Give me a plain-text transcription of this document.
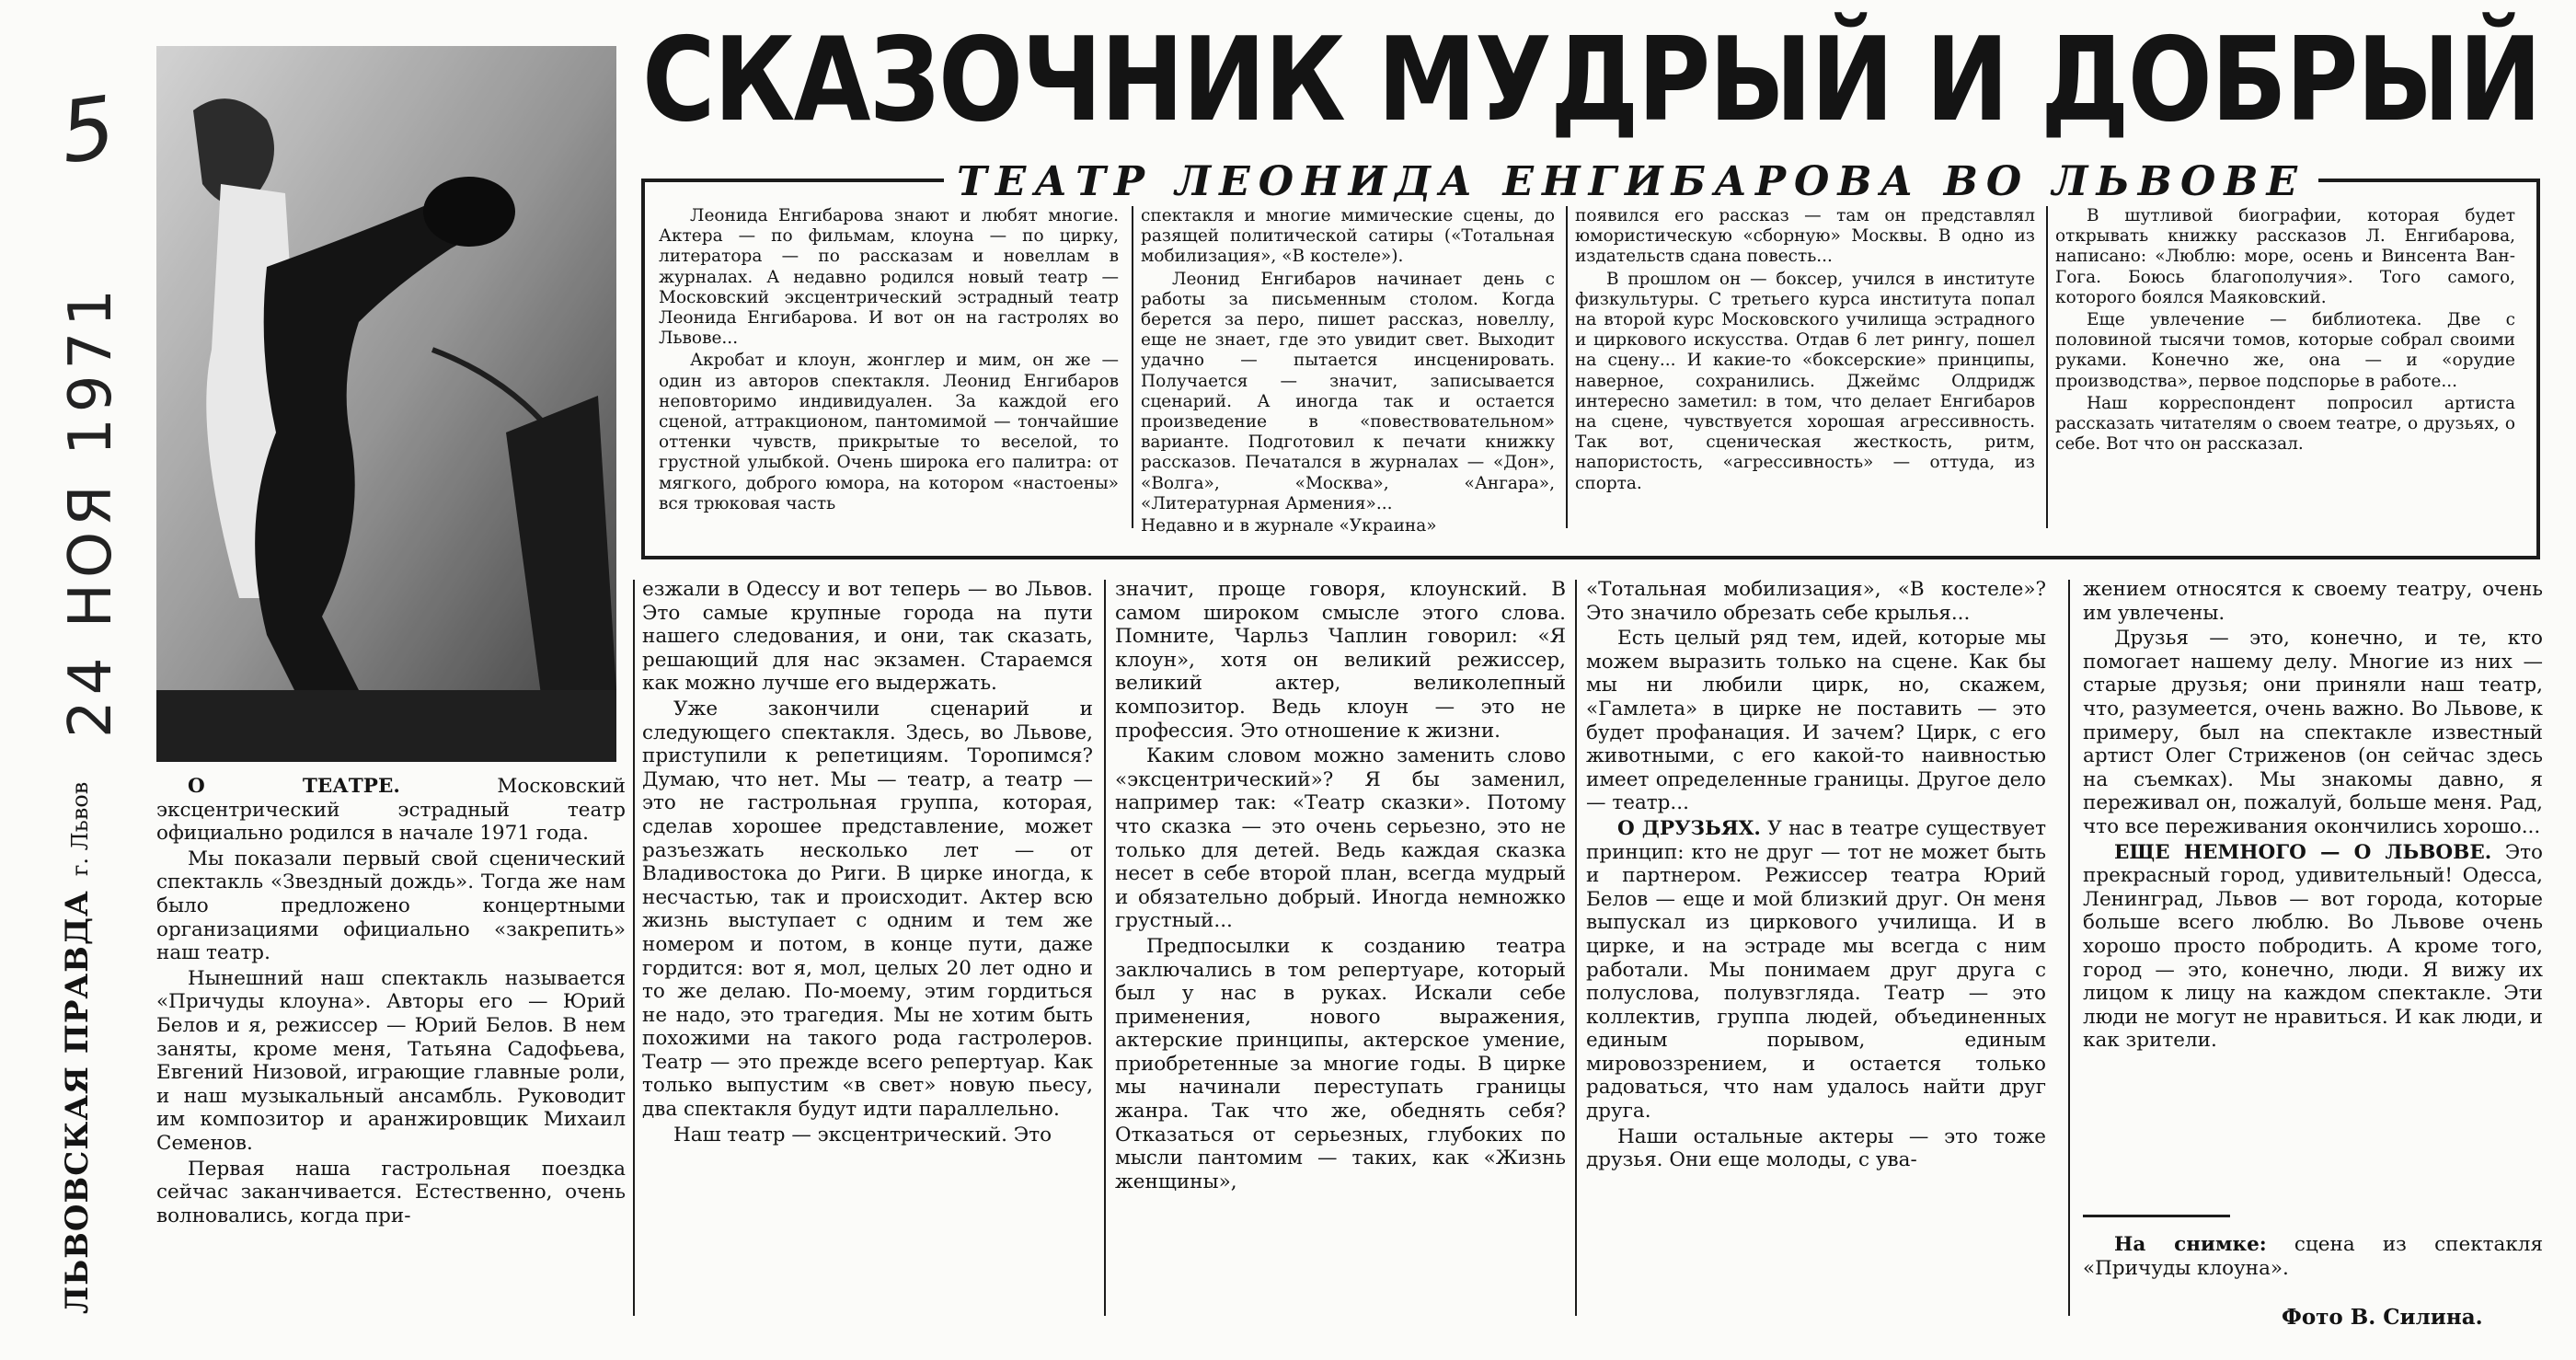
5
24 НОЯ 1971
ЛЬВОВСКАЯ ПРАВДА г. Львов
СКАЗОЧНИК МУДРЫЙ И ДОБРЫЙ
ТЕАТР ЛЕОНИДА ЕНГИБАРОВА ВО ЛЬВОВЕ

Леонида Енгибарова знают и любят многие. Актера — по фильмам, клоуна — по цирку, литератора — по рассказам и новеллам в журналах. А недавно родился новый театр — Московский эксцентрический эстрадный театр Леонида Енгибарова. И вот он на гастролях во Львове...

Акробат и клоун, жонглер и мим, он же — один из авторов спектакля. Леонид Енгибаров неповторимо индивидуален. За каждой его сценой, аттракционом, пантомимой — тончайшие оттенки чувств, прикрытые то веселой, то грустной улыбкой. Очень широка его палитра: от мягкого, доброго юмора, на котором «настоены» вся трюковая часть

спектакля и многие мимические сцены, до разящей политической сатиры («Тотальная мобилизация», «В костеле»).

Леонид Енгибаров начинает день с работы за письменным столом. Когда берется за перо, пишет рассказ, новеллу, еще не знает, где это увидит свет. Выходит удачно — пытается инсценировать. Получается — значит, записывается сценарий. А иногда так и остается произведение в «повествовательном» варианте. Подготовил к печати книжку рассказов. Печатался в журналах — «Дон», «Волга», «Москва», «Ангара», «Литературная Армения»...

Недавно и в журнале «Украина»

появился его рассказ — там он представлял юмористическую «сборную» Москвы. В одно из издательств сдана повесть...

В прошлом он — боксер, учился в институте физкультуры. С третьего курса института попал на второй курс Московского училища эстрадного и циркового искусства. Отдав 6 лет рингу, пошел на сцену... И какие-то «боксерские» принципы, наверное, сохранились. Джеймс Олдридж интересно заметил: в том, что делает Енгибаров на сцене, чувствуется хорошая агрессивность. Так вот, сценическая жесткость, ритм, напористость, «агрессивность» — оттуда, из спорта.

В шутливой биографии, которая будет открывать книжку рассказов Л. Енгибарова, написано: «Люблю: море, осень и Винсента Ван-Гога. Боюсь благополучия». Того самого, которого боялся Маяковский.

Еще увлечение — библиотека. Две с половиной тысячи томов, которые собрал своими руками. Конечно же, она — и «орудие производства», первое подспорье в работе...

Наш корреспондент попросил артиста рассказать читателям о своем театре, о друзьях, о себе. Вот что он рассказал.

О ТЕАТРЕ. Московский эксцентрический эстрадный театр официально родился в начале 1971 года.

Мы показали первый свой сценический спектакль «Звездный дождь». Тогда же нам было предложено концертными организациями официально «закрепить» наш театр.

Нынешний наш спектакль называется «Причуды клоуна». Авторы его — Юрий Белов и я, режиссер — Юрий Белов. В нем заняты, кроме меня, Татьяна Садофьева, Евгений Низовой, играющие главные роли, и наш музыкальный ансамбль. Руководит им композитор и аранжировщик Михаил Семенов.

Первая наша гастрольная поездка сейчас заканчивается. Естественно, очень волновались, когда при-

езжали в Одессу и вот теперь — во Львов. Это самые крупные города на пути нашего следования, и они, так сказать, решающий для нас экзамен. Стараемся как можно лучше его выдержать.

Уже закончили сценарий и следующего спектакля. Здесь, во Львове, приступили к репетициям. Торопимся? Думаю, что нет. Мы — театр, а театр — это не гастрольная группа, которая, сделав хорошее представление, может разъезжать несколько лет — от Владивостока до Риги. В цирке иногда, к несчастью, так и происходит. Актер всю жизнь выступает с одним и тем же номером и потом, в конце пути, даже гордится: вот я, мол, целых 20 лет одно и то же делаю. По-моему, этим гордиться не надо, это трагедия. Мы не хотим быть похожими на такого рода гастролеров. Театр — это прежде всего репертуар. Как только выпустим «в свет» новую пьесу, два спектакля будут идти параллельно.

Наш театр — эксцентрический. Это

значит, проще говоря, клоунский. В самом широком смысле этого слова. Помните, Чарльз Чаплин говорил: «Я клоун», хотя он великий режиссер, великий актер, великолепный композитор. Ведь клоун — это не профессия. Это отношение к жизни.

Каким словом можно заменить слово «эксцентрический»? Я бы заменил, например так: «Театр сказки». Потому что сказка — это очень серьезно, это не только для детей. Ведь каждая сказка несет в себе второй план, всегда мудрый и обязательно добрый. Иногда немножко грустный...

Предпосылки к созданию театра заключались в том репертуаре, который был у нас в руках. Искали себе применения, нового выражения, актерские принципы, актерское умение, приобретенные за многие годы. В цирке мы начинали переступать границы жанра. Так что же, обеднять себя? Отказаться от серьезных, глубоких по мысли пантомим — таких, как «Жизнь женщины»,

«Тотальная мобилизация», «В костеле»? Это значило обрезать себе крылья...

Есть целый ряд тем, идей, которые мы можем выразить только на сцене. Как бы мы ни любили цирк, но, скажем, «Гамлета» в цирке не поставить — это будет профанация. И зачем? Цирк, с его животными, с его какой-то наивностью имеет определенные границы. Другое дело — театр...

О ДРУЗЬЯХ. У нас в театре существует принцип: кто не друг — тот не может быть и партнером. Режиссер театра Юрий Белов — еще и мой близкий друг. Он меня выпускал из циркового училища. И в цирке, и на эстраде мы всегда с ним работали. Мы понимаем друг друга с полуслова, полувзгляда. Театр — это коллектив, группа людей, объединенных единым порывом, единым мировоззрением, и остается только радоваться, что нам удалось найти друг друга.

Наши остальные актеры — это тоже друзья. Они еще молоды, с ува-

жением относятся к своему театру, очень им увлечены.

Друзья — это, конечно, и те, кто помогает нашему делу. Многие из них — старые друзья; они приняли наш театр, что, разумеется, очень важно. Во Львове, к примеру, был на спектакле известный артист Олег Стриженов (он сейчас здесь на съемках). Мы знакомы давно, я переживал он, пожалуй, больше меня. Рад, что все переживания окончились хорошо...

ЕЩЕ НЕМНОГО — О ЛЬВОВЕ. Это прекрасный город, удивительный! Одесса, Ленинград, Львов — вот города, которые больше всего люблю. Во Львове очень хорошо просто побродить. А кроме того, город — это, конечно, люди. Я вижу их лицом к лицу на каждом спектакле. Эти люди не могут не нравиться. И как люди, и как зрители.

На снимке: сцена из спектакля «Причуды клоуна».

Фото В. Силина.
